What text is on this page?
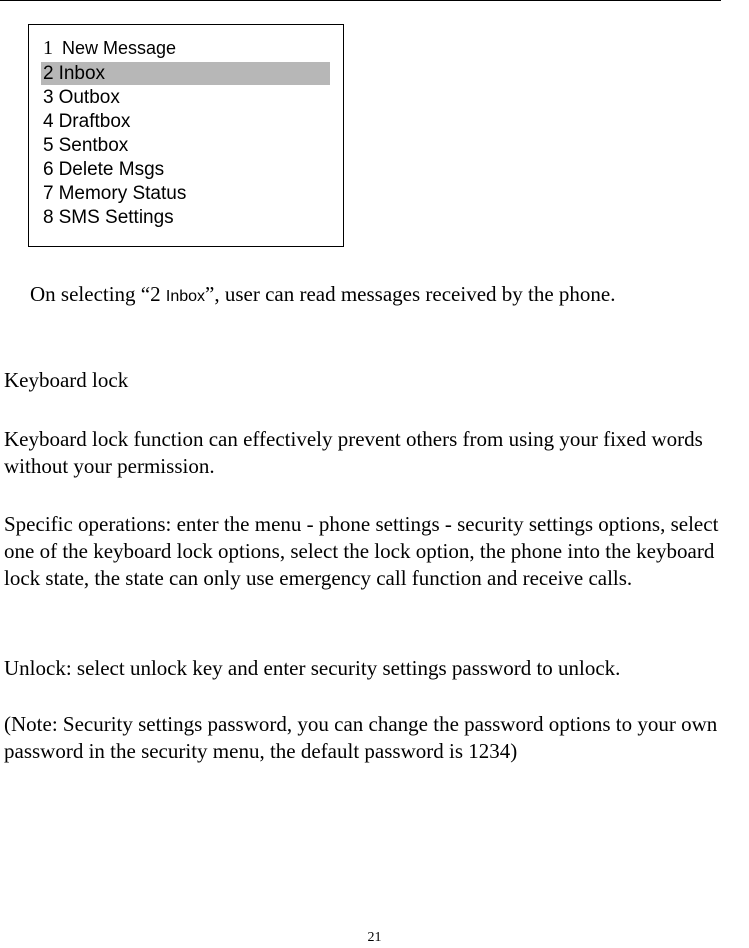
1 New Message
2 Inbox
3 Outbox
4 Draftbox
5 Sentbox
6 Delete Msgs
7 Memory Status
8 SMS Settings
On selecting “2 Inbox”, user can read messages received by the phone.

Keyboard lock

Keyboard lock function can effectively prevent others from using your fixed words without your permission.

Specific operations: enter the menu - phone settings - security settings options, select one of the keyboard lock options, select the lock option, the phone into the keyboard lock state, the state can only use emergency call function and receive calls.

Unlock: select unlock key and enter security settings password to unlock.

(Note: Security settings password, you can change the password options to your own password in the security menu, the default password is 1234)

21
